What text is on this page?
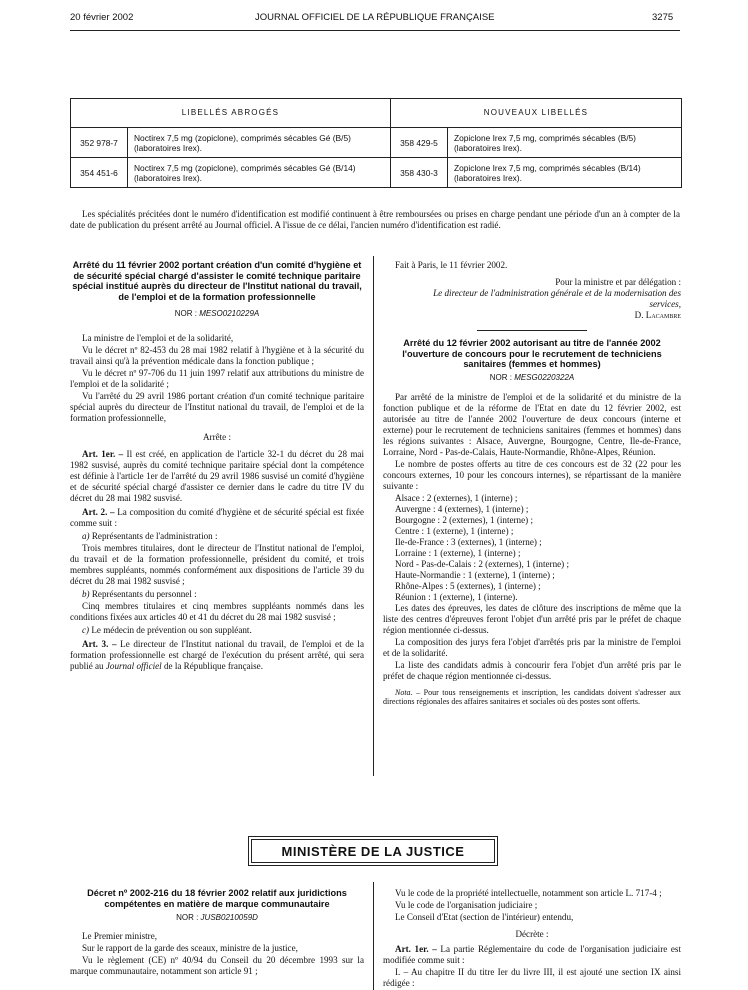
20 février 2002	JOURNAL OFFICIEL DE LA RÉPUBLIQUE FRANÇAISE	3275
LIBELLÉS ABROGÉS		NOUVEAUX LIBELLÉS	
352 978-7	Noctirex 7,5 mg (zopiclone), comprimés sécables Gé (B/5) (laboratoires Irex).	358 429-5	Zopiclone Irex 7,5 mg, comprimés sécables (B/5) (laboratoires Irex).
354 451-6	Noctirex 7,5 mg (zopiclone), comprimés sécables Gé (B/14) (laboratoires Irex).	358 430-3	Zopiclone Irex 7,5 mg, comprimés sécables (B/14) (laboratoires Irex).

Les spécialités précitées dont le numéro d'identification est modifié continuent à être remboursées ou prises en charge pendant une période d'un an à compter de la date de publication du présent arrêté au Journal officiel. A l'issue de ce délai, l'ancien numéro d'identification est radié.

Arrêté du 11 février 2002 portant création d'un comité d'hygiène et de sécurité spécial chargé d'assister le comité technique paritaire spécial institué auprès du directeur de l'Institut national du travail, de l'emploi et de la formation professionnelle
NOR : MESO0210229A

La ministre de l'emploi et de la solidarité,

Vu le décret nº 82-453 du 28 mai 1982 relatif à l'hygiène et à la sécurité du travail ainsi qu'à la prévention médicale dans la fonction publique ;

Vu le décret nº 97-706 du 11 juin 1997 relatif aux attributions du ministre de l'emploi et de la solidarité ;

Vu l'arrêté du 29 avril 1986 portant création d'un comité technique paritaire spécial auprès du directeur de l'Institut national du travail, de l'emploi et de la formation professionnelle,

Arrête :

Art. 1er. – Il est créé, en application de l'article 32-1 du décret du 28 mai 1982 susvisé, auprès du comité technique paritaire spécial dont la compétence est définie à l'article 1er de l'arrêté du 29 avril 1986 susvisé un comité d'hygiène et de sécurité spécial chargé d'assister ce dernier dans le cadre du titre IV du décret du 28 mai 1982 susvisé.

Art. 2. – La composition du comité d'hygiène et de sécurité spécial est fixée comme suit :

a) Représentants de l'administration :

Trois membres titulaires, dont le directeur de l'Institut national de l'emploi, du travail et de la formation professionnelle, président du comité, et trois membres suppléants, nommés conformément aux dispositions de l'article 39 du décret du 28 mai 1982 susvisé ;

b) Représentants du personnel :

Cinq membres titulaires et cinq membres suppléants nommés dans les conditions fixées aux articles 40 et 41 du décret du 28 mai 1982 susvisé ;

c) Le médecin de prévention ou son suppléant.

Art. 3. – Le directeur de l'Institut national du travail, de l'emploi et de la formation professionnelle est chargé de l'exécution du présent arrêté, qui sera publié au Journal officiel de la République française.

Fait à Paris, le 11 février 2002.

Pour la ministre et par délégation :
Le directeur de l'administration générale et de la modernisation des services,
D. Lacambre
Arrêté du 12 février 2002 autorisant au titre de l'année 2002 l'ouverture de concours pour le recrutement de techniciens sanitaires (femmes et hommes)
NOR : MESG0220322A

Par arrêté de la ministre de l'emploi et de la solidarité et du ministre de la fonction publique et de la réforme de l'Etat en date du 12 février 2002, est autorisée au titre de l'année 2002 l'ouverture de deux concours (interne et externe) pour le recrutement de techniciens sanitaires (femmes et hommes) dans les régions suivantes : Alsace, Auvergne, Bourgogne, Centre, Ile-de-France, Lorraine, Nord - Pas-de-Calais, Haute-Normandie, Rhône-Alpes, Réunion.

Le nombre de postes offerts au titre de ces concours est de 32 (22 pour les concours externes, 10 pour les concours internes), se répartissant de la manière suivante :

Alsace : 2 (externes), 1 (interne) ;
Auvergne : 4 (externes), 1 (interne) ;
Bourgogne : 2 (externes), 1 (interne) ;
Centre : 1 (externe), 1 (interne) ;
Ile-de-France : 3 (externes), 1 (interne) ;
Lorraine : 1 (externe), 1 (interne) ;
Nord - Pas-de-Calais : 2 (externes), 1 (interne) ;
Haute-Normandie : 1 (externe), 1 (interne) ;
Rhône-Alpes : 5 (externes), 1 (interne) ;
Réunion : 1 (externe), 1 (interne).

Les dates des épreuves, les dates de clôture des inscriptions de même que la liste des centres d'épreuves feront l'objet d'un arrêté pris par le préfet de chaque région mentionnée ci-dessus.

La composition des jurys fera l'objet d'arrêtés pris par la ministre de l'emploi et de la solidarité.

La liste des candidats admis à concourir fera l'objet d'un arrêté pris par le préfet de chaque région mentionnée ci-dessus.

Nota. – Pour tous renseignements et inscription, les candidats doivent s'adresser aux directions régionales des affaires sanitaires et sociales où des postes sont offerts.
MINISTÈRE DE LA JUSTICE
Décret nº 2002-216 du 18 février 2002 relatif aux juridictions compétentes en matière de marque communautaire
NOR : JUSB0210059D

Le Premier ministre,

Sur le rapport de la garde des sceaux, ministre de la justice,

Vu le règlement (CE) nº 40/94 du Conseil du 20 décembre 1993 sur la marque communautaire, notamment son article 91 ;

Vu le code de la propriété intellectuelle, notamment son article L. 717-4 ;

Vu le code de l'organisation judiciaire ;

Le Conseil d'Etat (section de l'intérieur) entendu,

Décrète :

Art. 1er. – La partie Réglementaire du code de l'organisation judiciaire est modifiée comme suit :

I. – Au chapitre II du titre Ier du livre III, il est ajouté une section IX ainsi rédigée :
